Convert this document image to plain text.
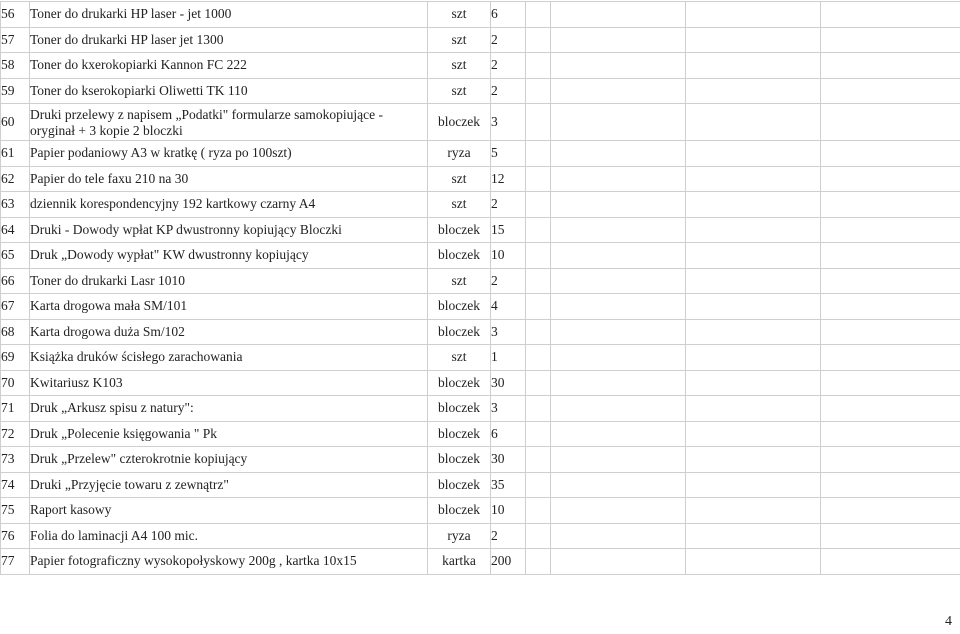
56	Toner do drukarki HP laser - jet 1000	szt	6				
57	Toner do drukarki HP laser jet 1300	szt	2				
58	Toner do kxerokopiarki Kannon FC 222	szt	2				
59	Toner do kserokopiarki Oliwetti TK 110	szt	2				
60	Druki przelewy z napisem „Podatki" formularze samokopiujące - oryginał + 3 kopie 2 bloczki	bloczek	3				
61	Papier podaniowy A3 w kratkę ( ryza po 100szt)	ryza	5				
62	Papier do tele faxu 210 na 30	szt	12				
63	dziennik korespondencyjny 192 kartkowy czarny A4	szt	2				
64	Druki - Dowody wpłat KP dwustronny kopiujący Bloczki	bloczek	15				
65	Druk „Dowody wypłat" KW dwustronny kopiujący	bloczek	10				
66	Toner do drukarki Lasr 1010	szt	2				
67	Karta drogowa mała SM/101	bloczek	4				
68	Karta drogowa duża Sm/102	bloczek	3				
69	Książka druków ścisłego zarachowania	szt	1				
70	Kwitariusz K103	bloczek	30				
71	Druk „Arkusz spisu z natury":	bloczek	3				
72	Druk „Polecenie księgowania " Pk	bloczek	6				
73	Druk „Przelew" czterokrotnie kopiujący	bloczek	30				
74	Druki „Przyjęcie towaru z zewnątrz"	bloczek	35				
75	Raport kasowy	bloczek	10				
76	Folia do laminacji A4 100 mic.	ryza	2				
77	Papier fotograficzny wysokopołyskowy 200g , kartka 10x15	kartka	200				
4
